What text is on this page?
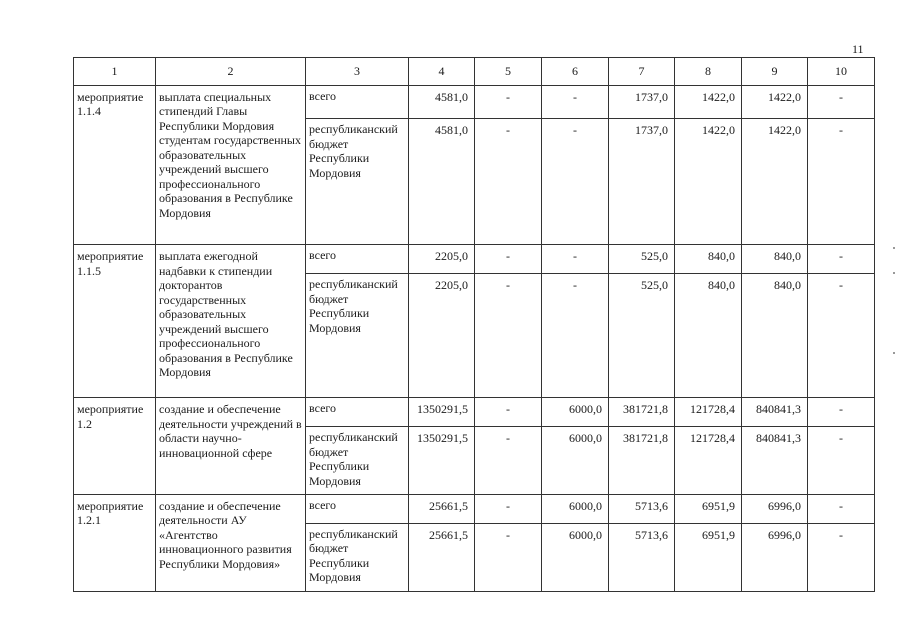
11
1	2	3	4	5	6	7	8	9	10
мероприятие 1.1.4	выплата специальных стипендий Главы Республики Мордовия студентам государственных образовательных учреждений высшего профессионального образования в Республике Мордовия	всего	4581,0	-	-	1737,0	1422,0	1422,0	-
		республиканский бюджет Республики Мордовия	4581,0	-	-	1737,0	1422,0	1422,0	-
мероприятие 1.1.5	выплата ежегодной надбавки к стипендии докторантов государственных образовательных учреждений высшего профессионального образования в Республике Мордовия	всего	2205,0	-	-	525,0	840,0	840,0	-
		республиканский бюджет Республики Мордовия	2205,0	-	-	525,0	840,0	840,0	-
мероприятие 1.2	создание и обеспечение деятельности учреждений в области научно-инновационной сфере	всего	1350291,5	-	6000,0	381721,8	121728,4	840841,3	-
		республиканский бюджет Республики Мордовия	1350291,5	-	6000,0	381721,8	121728,4	840841,3	-
мероприятие 1.2.1	создание и обеспечение деятельности АУ «Агентство инновационного развития Республики Мордовия»	всего	25661,5	-	6000,0	5713,6	6951,9	6996,0	-
		республиканский бюджет Республики Мордовия	25661,5	-	6000,0	5713,6	6951,9	6996,0	-
